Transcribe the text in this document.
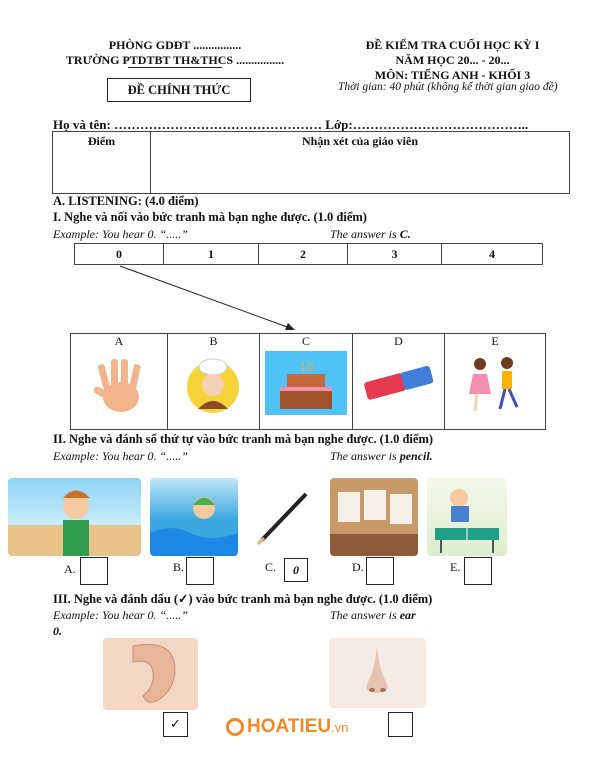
PHÒNG GDĐT ................
TRƯỜNG PTDTBT TH&THCS ................
ĐỀ CHÍNH THỨC
ĐỀ KIỂM TRA CUỐI HỌC KỲ I
NĂM HỌC 20... - 20...
MÔN: TIẾNG ANH - KHỐI 3
Thời gian: 40 phút (không kể thời gian giao đề)
Họ và tên: ………………………………………… Lớp:…………………………………..
Điểm	Nhận xét của giáo viên
A. LISTENING: (4.0 điểm)
I. Nghe và nối vào bức tranh mà bạn nghe được. (1.0 điểm)
Example: You hear 0. “.....”	The answer is C.
0	1	2	3	4
A	B	C
10

D	E
II. Nghe và đánh số thứ tự vào bức tranh mà bạn nghe được. (1.0 điểm)
Example: You hear 0. “.....”	The answer is pencil.
A.	B.	C.	0	D.	E.
III. Nghe và đánh dấu (✓) vào bức tranh mà bạn nghe được. (1.0 điểm)
Example: You hear 0. “.....”	The answer is ear
0.
✓	HOATIEU .vn
